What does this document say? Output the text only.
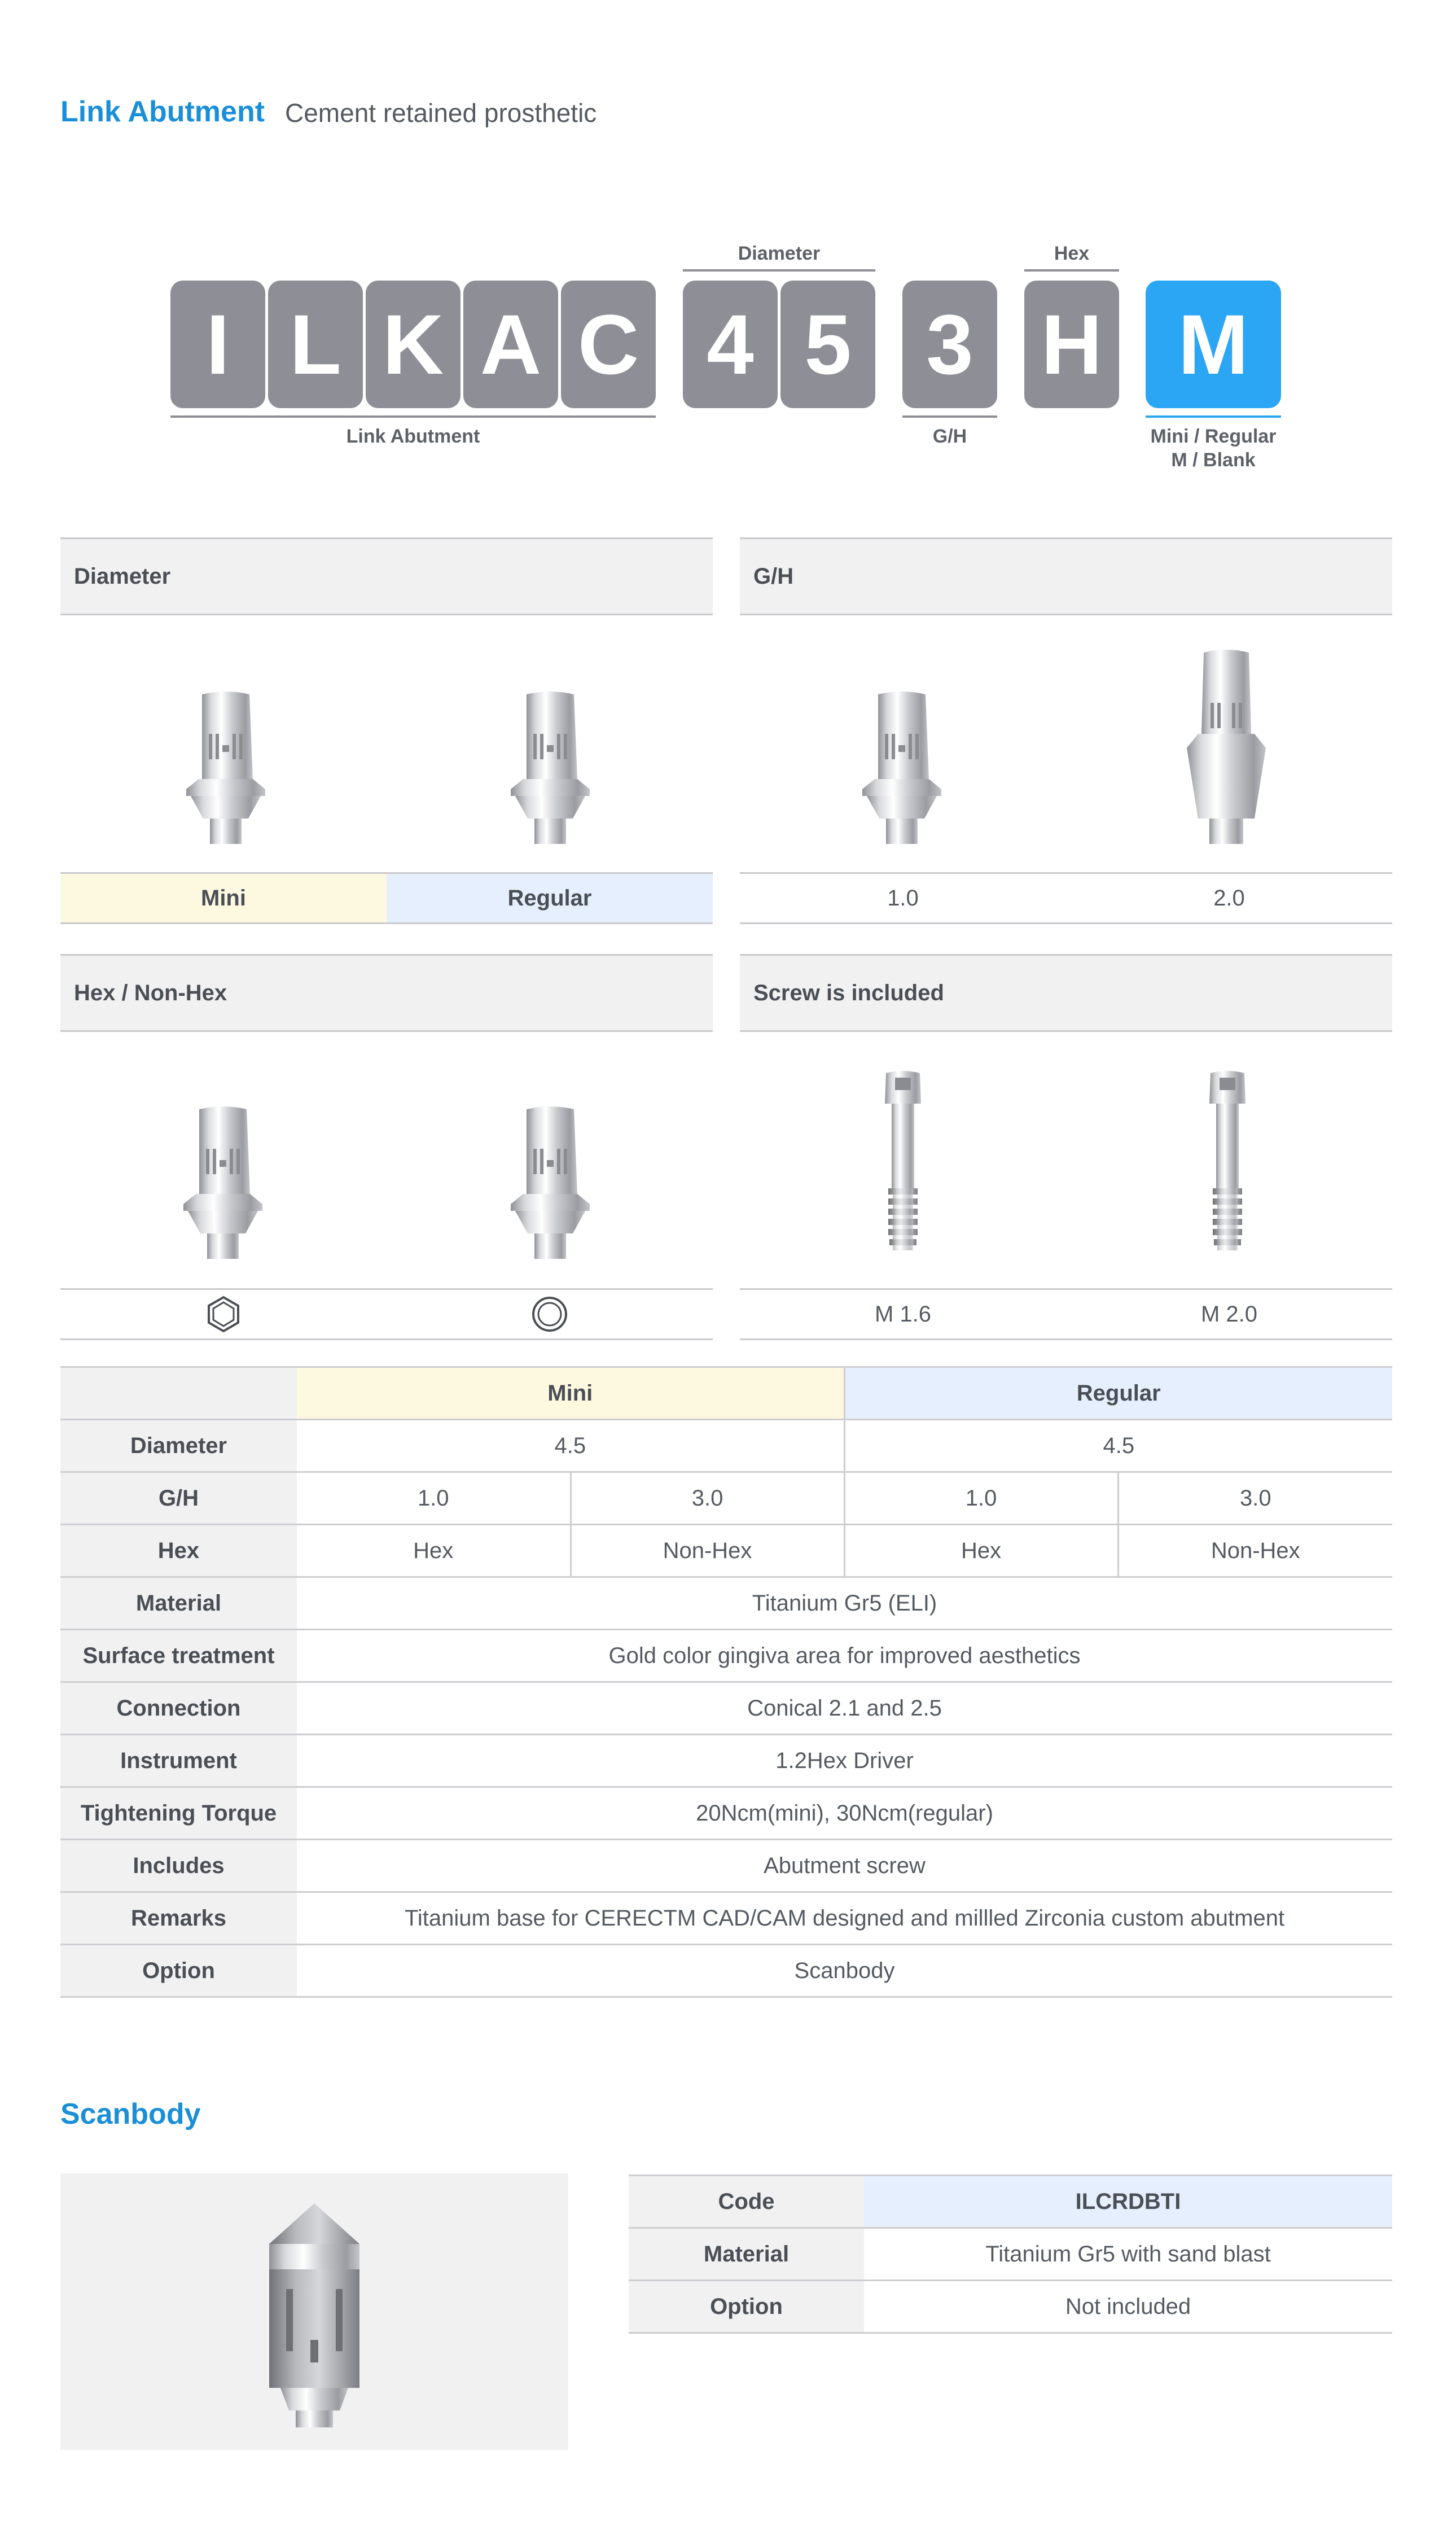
Link Abutment Cement retained prosthetic
I L K A C 4 5 3 H M
Diameter	Hex
Link Abutment	G/H	Mini / Regular
M / Blank
Diameter
Mini	Regular
G/H
1.0	2.0
Hex / Non-Hex	Screw is included
M 1.6	M 2.0
	Mini		Regular	
Diameter	4.5		4.5	
G/H	1.0	3.0	1.0	3.0
Hex	Hex	Non-Hex	Hex	Non-Hex
Material	Titanium Gr5 (ELI)			
Surface treatment	Gold color gingiva area for improved aesthetics			
Connection	Conical 2.1 and 2.5			
Instrument	1.2Hex Driver			
Tightening Torque	20Ncm(mini), 30Ncm(regular)			
Includes	Abutment screw			
Remarks	Titanium base for CERECTM CAD/CAM designed and millled Zirconia custom abutment			
Option	Scanbody			
Scanbody
Code	ILCRDBTI
Material	Titanium Gr5 with sand blast
Option	Not included
